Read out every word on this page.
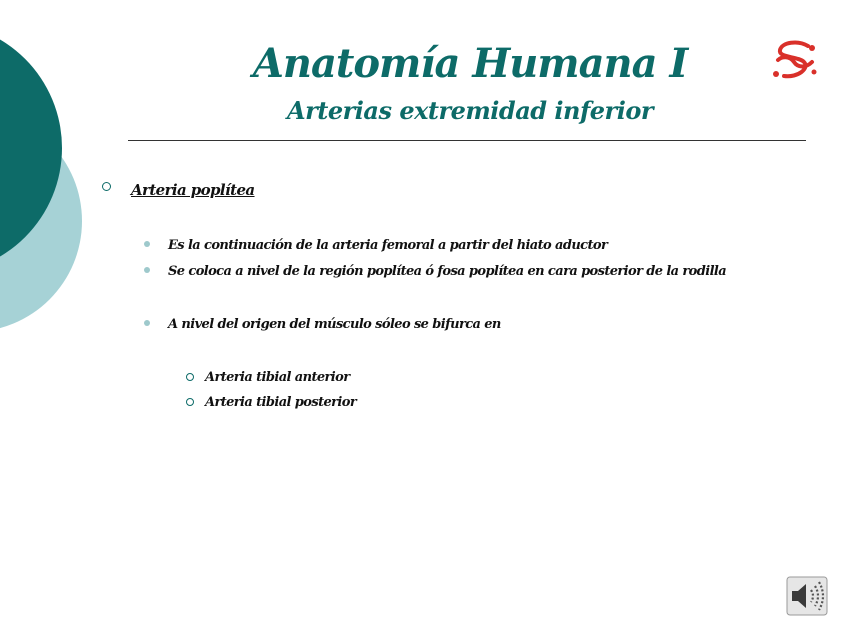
Anatomía Humana I
Arterias extremidad inferior
Arteria poplítea
Es la continuación de la arteria femoral a partir del hiato aductor
Se coloca a nivel de la región poplítea ó fosa poplítea en cara posterior de la rodilla
A nivel del origen del músculo sóleo se bifurca en
Arteria tibial anterior
Arteria tibial posterior
